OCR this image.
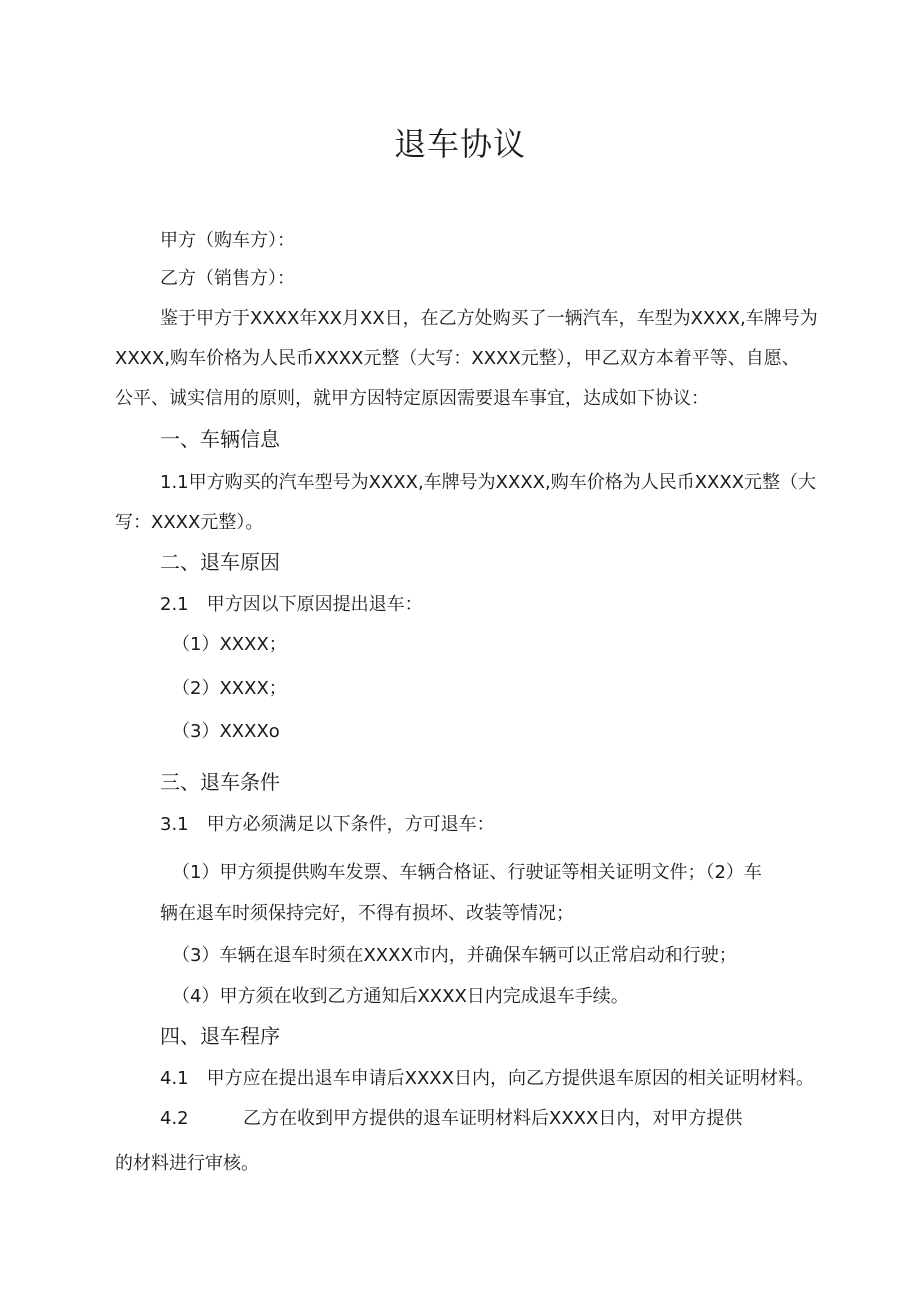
退车协议
甲方（购车方）：
乙方（销售方）：
鉴于甲方于XXXX年XX月XX日，在乙方处购买了一辆汽车，车型为XXXX,车牌号为
XXXX,购车价格为人民币XXXX元整（大写：XXXX元整），甲乙双方本着平等、自愿、
公平、诚实信用的原则，就甲方因特定原因需要退车事宜，达成如下协议：
一、车辆信息
1.1甲方购买的汽车型号为XXXX,车牌号为XXXX,购车价格为人民币XXXX元整（大
写：XXXX元整）。
二、退车原因
2.1　甲方因以下原因提出退车：
（1）XXXX；
（2）XXXX；
（3）XXXXo
三、退车条件
3.1　甲方必须满足以下条件，方可退车：
（1）甲方须提供购车发票、车辆合格证、行驶证等相关证明文件；（2）车
辆在退车时须保持完好，不得有损坏、改装等情况；
（3）车辆在退车时须在XXXX市内，并确保车辆可以正常启动和行驶；
（4）甲方须在收到乙方通知后XXXX日内完成退车手续。
四、退车程序
4.1　甲方应在提出退车申请后XXXX日内，向乙方提供退车原因的相关证明材料。
4.2	乙方在收到甲方提供的退车证明材料后XXXX日内，对甲方提供
的材料进行审核。
